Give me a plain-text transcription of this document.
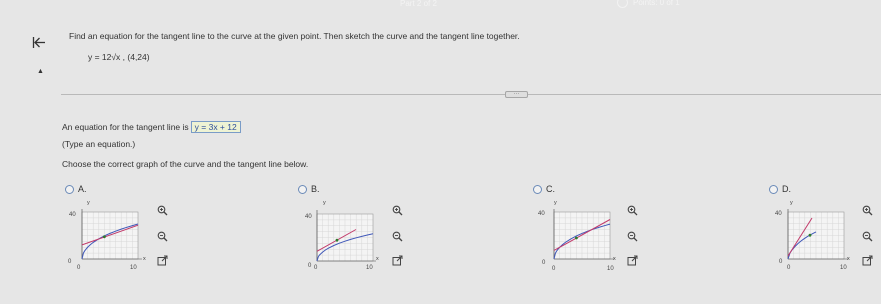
Part 2 of 2	Points: 0 of 1
Find an equation for the tangent line to the curve at the given point. Then sketch the curve and the tangent line together.
y = 12√x , (4,24)
▲
···
An equation for the tangent line is y = 3x + 12
(Type an equation.)
Choose the correct graph of the curve and the tangent line below.
A.
40
y
x
0
0	10
B.
40
y
x
0 0	10
C.
40
y
x
0
0	10
D.
40
y
x
0
0	10
